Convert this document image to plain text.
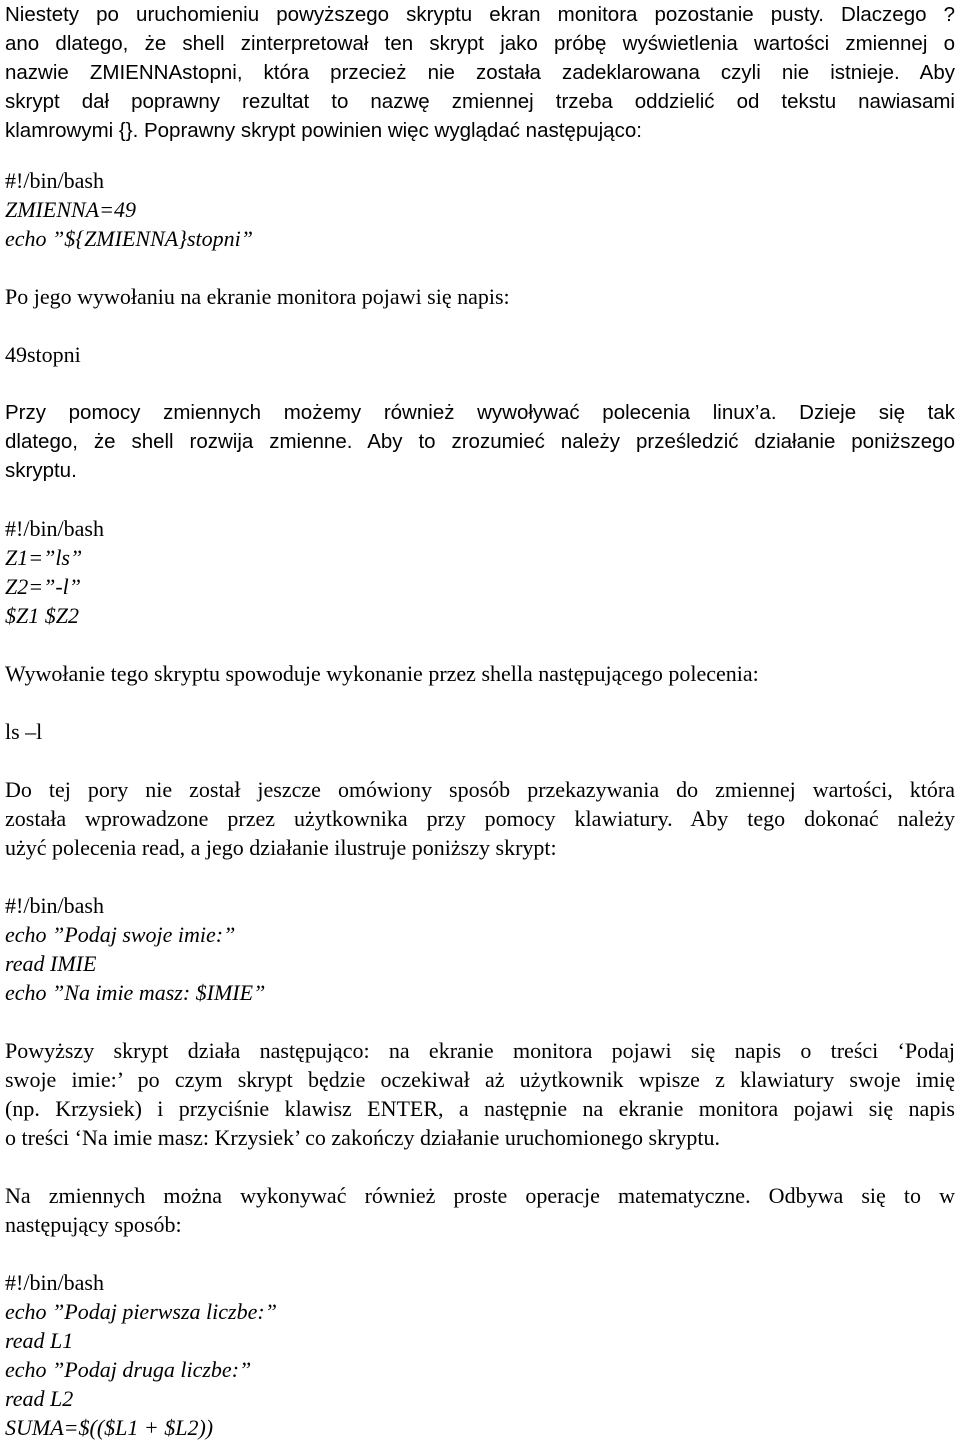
Niestety po uruchomieniu powyższego skryptu ekran monitora pozostanie pusty. Dlaczego ?
ano dlatego, że shell zinterpretował ten skrypt jako próbę wyświetlenia wartości zmiennej o
nazwie ZMIENNAstopni, która przecież nie została zadeklarowana czyli nie istnieje. Aby
skrypt dał poprawny rezultat to nazwę zmiennej trzeba oddzielić od tekstu nawiasami
klamrowymi {}. Poprawny skrypt powinien więc wyglądać następująco:
#!/bin/bash
ZMIENNA=49
echo ”${ZMIENNA}stopni”
Po jego wywołaniu na ekranie monitora pojawi się napis:
49stopni
Przy pomocy zmiennych możemy również wywoływać polecenia linux’a. Dzieje się tak
dlatego, że shell rozwija zmienne. Aby to zrozumieć należy prześledzić działanie poniższego
skryptu.
#!/bin/bash
Z1=”ls”
Z2=”-l”
$Z1 $Z2
Wywołanie tego skryptu spowoduje wykonanie przez shella następującego polecenia:
ls –l
Do tej pory nie został jeszcze omówiony sposób przekazywania do zmiennej wartości, która
została wprowadzone przez użytkownika przy pomocy klawiatury. Aby tego dokonać należy
użyć polecenia read, a jego działanie ilustruje poniższy skrypt:
#!/bin/bash
echo ”Podaj swoje imie:”
read IMIE
echo ”Na imie masz: $IMIE”
Powyższy skrypt działa następująco: na ekranie monitora pojawi się napis o treści ‘Podaj
swoje imie:’ po czym skrypt będzie oczekiwał aż użytkownik wpisze z klawiatury swoje imię
(np. Krzysiek) i przyciśnie klawisz ENTER, a następnie na ekranie monitora pojawi się napis
o treści ‘Na imie masz: Krzysiek’ co zakończy działanie uruchomionego skryptu.
Na zmiennych można wykonywać również proste operacje matematyczne. Odbywa się to w
następujący sposób:
#!/bin/bash
echo ”Podaj pierwsza liczbe:”
read L1
echo ”Podaj druga liczbe:”
read L2
SUMA=$(($L1 + $L2))
